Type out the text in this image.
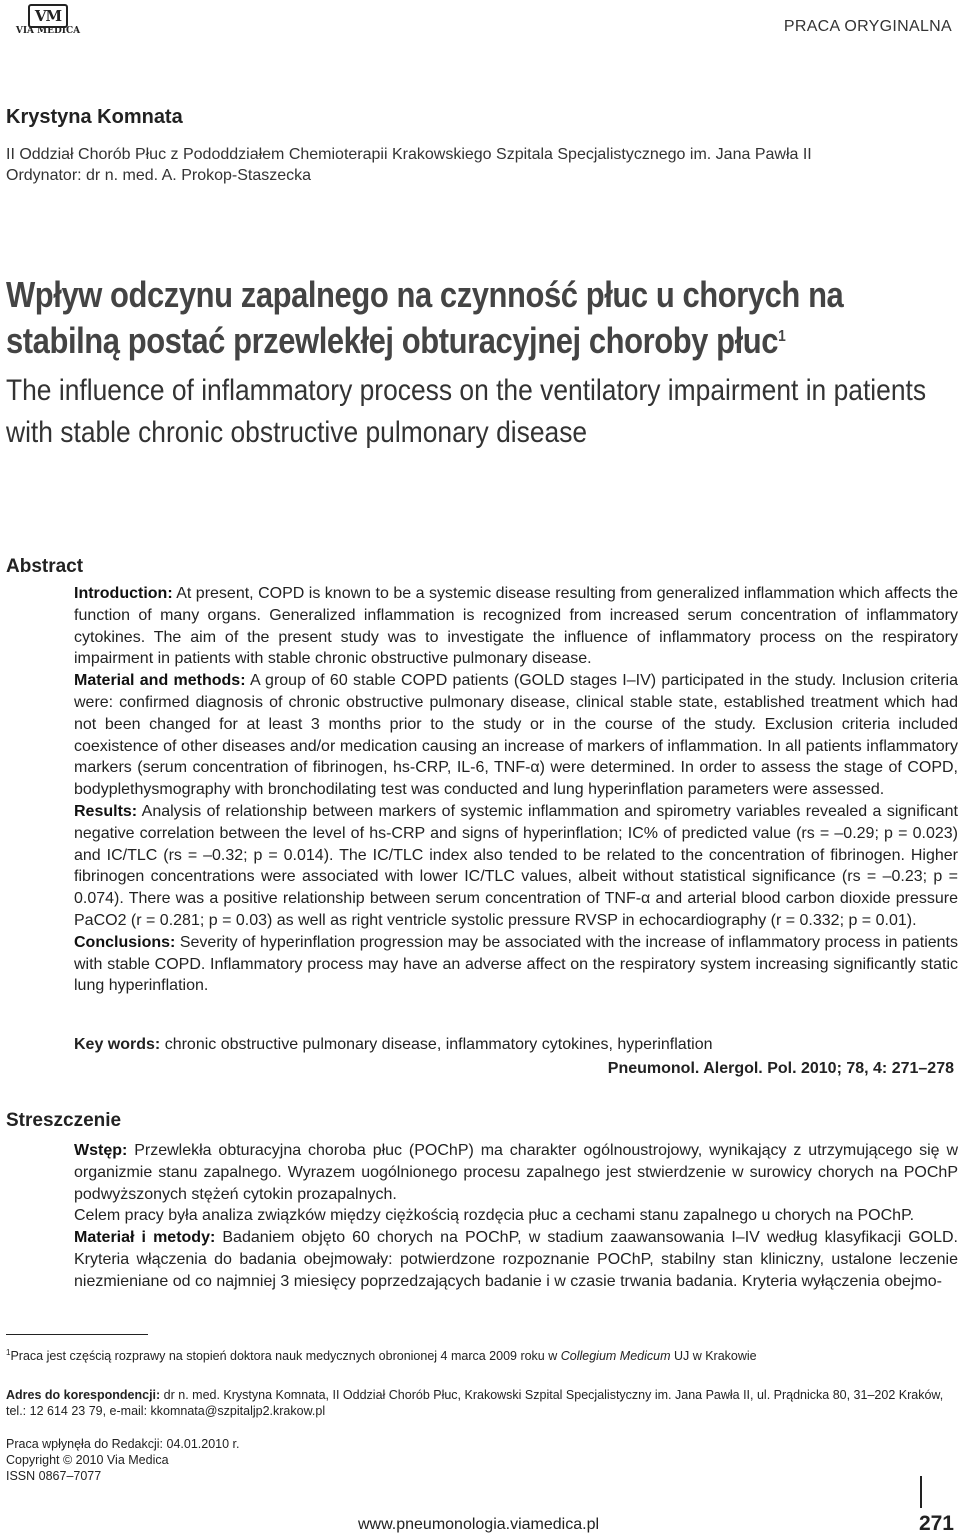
VM
VIA MEDICA	PRACA ORYGINALNA
Krystyna Komnata
II Oddział Chorób Płuc z Pododdziałem Chemioterapii Krakowskiego Szpitala Specjalistycznego im. Jana Pawła II
Ordynator: dr n. med. A. Prokop-Staszecka
Wpływ odczynu zapalnego na czynność płuc u chorych na stabilną postać przewlekłej obturacyjnej choroby płuc$^1$
The influence of inflammatory process on the ventilatory impairment in patients with stable chronic obstructive pulmonary disease
Abstract
Introduction: At present, COPD is known to be a systemic disease resulting from generalized inflammation which affects the function of many organs. Generalized inflammation is recognized from increased serum concentration of inflammatory cytokines. The aim of the present study was to investigate the influence of inflammatory process on the respiratory impairment in patients with stable chronic obstructive pulmonary disease.
Material and methods: A group of 60 stable COPD patients (GOLD stages I–IV) participated in the study. Inclusion criteria were: confirmed diagnosis of chronic obstructive pulmonary disease, clinical stable state, established treatment which had not been changed for at least 3 months prior to the study or in the course of the study. Exclusion criteria included coexistence of other diseases and/or medication causing an increase of markers of inflammation. In all patients inflammatory markers (serum concentration of fibrinogen, hs-CRP, IL-6, TNF-α) were determined. In order to assess the stage of COPD, bodyplethysmography with bronchodilating test was conducted and lung hyperinflation parameters were assessed.
Results: Analysis of relationship between markers of systemic inflammation and spirometry variables revealed a significant negative correlation between the level of hs-CRP and signs of hyperinflation; IC% of predicted value (rs = –0.29; p = 0.023) and IC/TLC (rs = –0.32; p = 0.014). The IC/TLC index also tended to be related to the concentration of fibrinogen. Higher fibrinogen concentrations were associated with lower IC/TLC values, albeit without statistical significance (rs = –0.23; p = 0.074). There was a positive relationship between serum concentration of TNF-α and arterial blood carbon dioxide pressure PaCO2 (r = 0.281; p = 0.03) as well as right ventricle systolic pressure RVSP in echocardiography (r = 0.332; p = 0.01).
Conclusions: Severity of hyperinflation progression may be associated with the increase of inflammatory process in patients with stable COPD. Inflammatory process may have an adverse affect on the respiratory system increasing significantly static lung hyperinflation.
Key words: chronic obstructive pulmonary disease, inflammatory cytokines, hyperinflation
Pneumonol. Alergol. Pol. 2010; 78, 4: 271–278
Streszczenie
Wstęp: Przewlekła obturacyjna choroba płuc (POChP) ma charakter ogólnoustrojowy, wynikający z utrzymującego się w organizmie stanu zapalnego. Wyrazem uogólnionego procesu zapalnego jest stwierdzenie w surowicy chorych na POChP podwyższonych stężeń cytokin prozapalnych.
Celem pracy była analiza związków między ciężkością rozdęcia płuc a cechami stanu zapalnego u chorych na POChP.
Materiał i metody: Badaniem objęto 60 chorych na POChP, w stadium zaawansowania I–IV według klasyfikacji GOLD. Kryteria włączenia do badania obejmowały: potwierdzone rozpoznanie POChP, stabilny stan kliniczny, ustalone leczenie niezmieniane od co najmniej 3 miesięcy poprzedzających badanie i w czasie trwania badania. Kryteria wyłączenia obejmo-
$^1$Praca jest częścią rozprawy na stopień doktora nauk medycznych obronionej 4 marca 2009 roku w Collegium Medicum UJ w Krakowie
Adres do korespondencji: dr n. med. Krystyna Komnata, II Oddział Chorób Płuc, Krakowski Szpital Specjalistyczny im. Jana Pawła II, ul. Prądnicka 80, 31–202 Kraków, tel.: 12 614 23 79, e-mail: kkomnata@szpitaljp2.krakow.pl
Praca wpłynęła do Redakcji: 04.01.2010 r.
Copyright © 2010 Via Medica
ISSN 0867–7077
www.pneumonologia.viamedica.pl	271
